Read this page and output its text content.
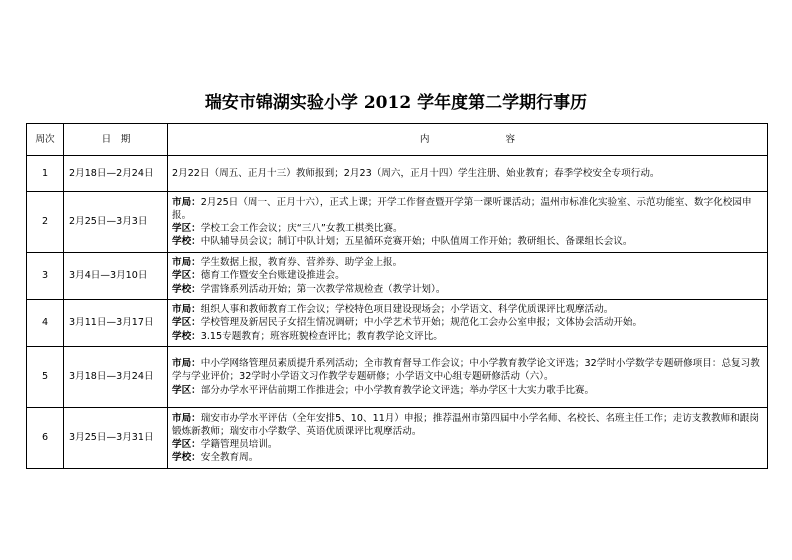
瑞安市锦湖实验小学 2012 学年度第二学期行事历
周次	日　期	内 容
1	2月18日—2月24日	2月22日（周五、正月十三）教师报到；2月23（周六，正月十四）学生注册、始业教育；春季学校安全专项行动。

2	2月25日—3月3日	市局：2月25日（周一、正月十六），正式上课；开学工作督查暨开学第一课听课活动；温州市标准化实验室、示范功能室、数字化校园申报。
学区：学校工会工作会议；庆“三八”女教工棋类比赛。
学校：中队辅导员会议；制订中队计划；五星循环竞赛开始；中队值周工作开始；教研组长、备课组长会议。

3	3月4日—3月10日	市局：学生数据上报，教育券、营养券、助学金上报。
学区：德育工作暨安全台账建设推进会。
学校：学雷锋系列活动开始；第一次教学常规检查（教学计划）。

4	3月11日—3月17日	市局：组织人事和教师教育工作会议；学校特色项目建设现场会；小学语文、科学优质课评比观摩活动。
学区：学校管理及新居民子女招生情况调研；中小学艺术节开始；规范化工会办公室申报；文体协会活动开始。
学校：3.15专题教育；班容班貌检查评比；教育教学论文评比。

5	3月18日—3月24日	市局：中小学网络管理员素质提升系列活动；全市教育督导工作会议；中小学教育教学论文评选；32学时小学数学专题研修项目：总复习教学与学业评价；32学时小学语文习作教学专题研修；小学语文中心组专题研修活动（六）。
学区：部分办学水平评估前期工作推进会；中小学教育教学论文评选；举办学区十大实力歌手比赛。

6	3月25日—3月31日	市局：瑞安市办学水平评估（全年安排5、10、11月）申报；推荐温州市第四届中小学名师、名校长、名班主任工作；走访支教教师和跟岗锻炼新教师；瑞安市小学数学、英语优质课评比观摩活动。
学区：学籍管理员培训。
学校：安全教育周。
